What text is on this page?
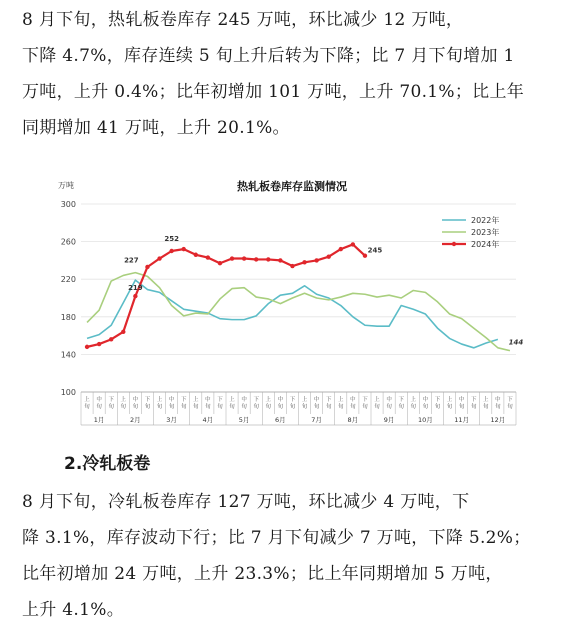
8 月下旬，热轧板卷库存 245 万吨，环比减少 12 万吨，
下降 4.7%，库存连续 5 旬上升后转为下降；比 7 月下旬增加 1
万吨，上升 0.4%；比年初增加 101 万吨，上升 70.1%；比上年
同期增加 41 万吨，上升 20.1%。
热轧板卷库存监测情况
万吨
100
140
180
220
260
300
上
旬
中
旬
下
旬
上
旬
中
旬
下
旬
上
旬
中
旬
下
旬
上
旬
中
旬
下
旬
上
旬
中
旬
下
旬
上
旬
中
旬
下
旬
上
旬
中
旬
下
旬
上
旬
中
旬
下
旬
上
旬
中
旬
下
旬
上
旬
中
旬
下
旬
上
旬
中
旬
下
旬
上
旬
中
旬
下
旬
1月	2月	3月	4月	5月	6月	7月	8月	9月	10月	11月	12月
219
227
252
245
144
2022年
2023年
2024年
2.冷轧板卷
8 月下旬，冷轧板卷库存 127 万吨，环比减少 4 万吨，下
降 3.1%，库存波动下行；比 7 月下旬减少 7 万吨，下降 5.2%；
比年初增加 24 万吨，上升 23.3%；比上年同期增加 5 万吨，
上升 4.1%。
